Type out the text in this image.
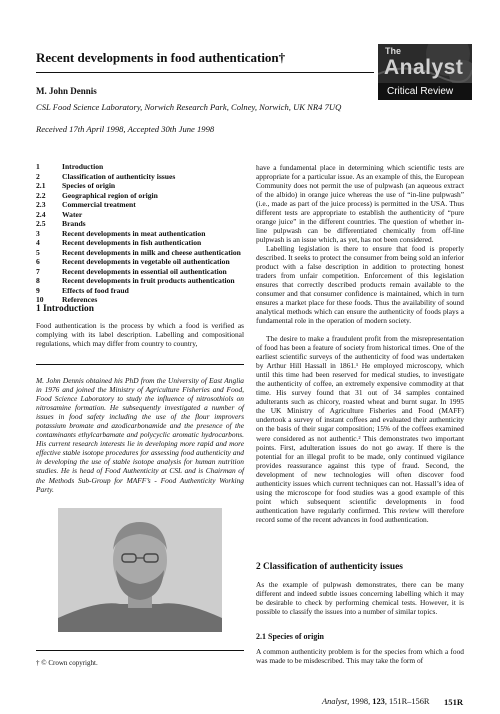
Recent developments in food authentication†	The
Analyst
Critical Review
M. John Dennis
CSL Food Science Laboratory, Norwich Research Park, Colney, Norwich, UK NR4 7UQ
Received 17th April 1998, Accepted 30th June 1998
1	Introduction
2	Classification of authenticity issues
2.1	Species of origin
2.2	Geographical region of origin
2.3	Commercial treatment
2.4	Water
2.5	Brands
3	Recent developments in meat authentication
4	Recent developments in fish authentication
5	Recent developments in milk and cheese authentication
6	Recent developments in vegetable oil authentication
7	Recent developments in essential oil authentication
8	Recent developments in fruit products authentication
9	Effects of food fraud
10	References
1 Introduction

Food authentication is the process by which a food is verified as complying with its label description. Labelling and compositional regulations, which may differ from country to country,

M. John Dennis obtained his PhD from the University of East Anglia in 1976 and joined the Ministry of Agriculture Fisheries and Food, Food Science Laboratory to study the influence of nitrosothiols on nitrosamine formation. He subsequently investigated a number of issues in food safety including the use of the flour improvers potassium bromate and azodicarbonamide and the presence of the contaminants ethylcarbamate and polycyclic aromatic hydrocarbons. His current research interests lie in developing more rapid and more effective stable isotope procedures for assessing food authenticity and in developing the use of stable isotope analysis for human nutrition studies. He is head of Food Authenticity at CSL and is Chairman of the Methods Sub-Group for MAFF’s - Food Authenticity Working Party.

† © Crown copyright.

have a fundamental place in determining which scientific tests are appropriate for a particular issue. As an example of this, the European Community does not permit the use of pulpwash (an aqueous extract of the albido) in orange juice whereas the use of “in-line pulpwash” (i.e., made as part of the juice process) is permitted in the USA. Thus different tests are appropriate to establish the authenticity of “pure orange juice” in the different countries. The question of whether in-line pulpwash can be differentiated chemically from off-line pulpwash is an issue which, as yet, has not been considered.

Labelling legislation is there to ensure that food is properly described. It seeks to protect the consumer from being sold an inferior product with a false description in addition to protecting honest traders from unfair competition. Enforcement of this legislation ensures that correctly described products remain available to the consumer and that consumer confidence is maintained, which in turn ensures a market place for these foods. Thus the availability of sound analytical methods which can ensure the authenticity of foods plays a fundamental role in the operation of modern society.

The desire to make a fraudulent profit from the misrepresentation of food has been a feature of society from historical times. One of the earliest scientific surveys of the authenticity of food was undertaken by Arthur Hill Hassall in 1861.¹ He employed microscopy, which until this time had been reserved for medical studies, to investigate the authenticity of coffee, an extremely expensive commodity at that time. His survey found that 31 out of 34 samples contained adulterants such as chicory, roasted wheat and burnt sugar. In 1995 the UK Ministry of Agriculture Fisheries and Food (MAFF) undertook a survey of instant coffees and evaluated their authenticity on the basis of their sugar composition; 15% of the coffees examined were considered as not authentic.² This demonstrates two important points. First, adulteration issues do not go away. If there is the potential for an illegal profit to be made, only continued vigilance provides reassurance against this type of fraud. Second, the development of new technologies will often discover food authenticity issues which current techniques can not. Hassall’s idea of using the microscope for food studies was a good example of this point which subsequent scientific developments in food authentication have regularly confirmed. This review will therefore record some of the recent advances in food authentication.

2 Classification of authenticity issues

As the example of pulpwash demonstrates, there can be many different and indeed subtle issues concerning labelling which it may be desirable to check by performing chemical tests. However, it is possible to classify the issues into a number of similar topics.

2.1 Species of origin

A common authenticity problem is for the species from which a food was made to be misdescribed. This may take the form of

Analyst, 1998, 123, 151R–156R 151R
